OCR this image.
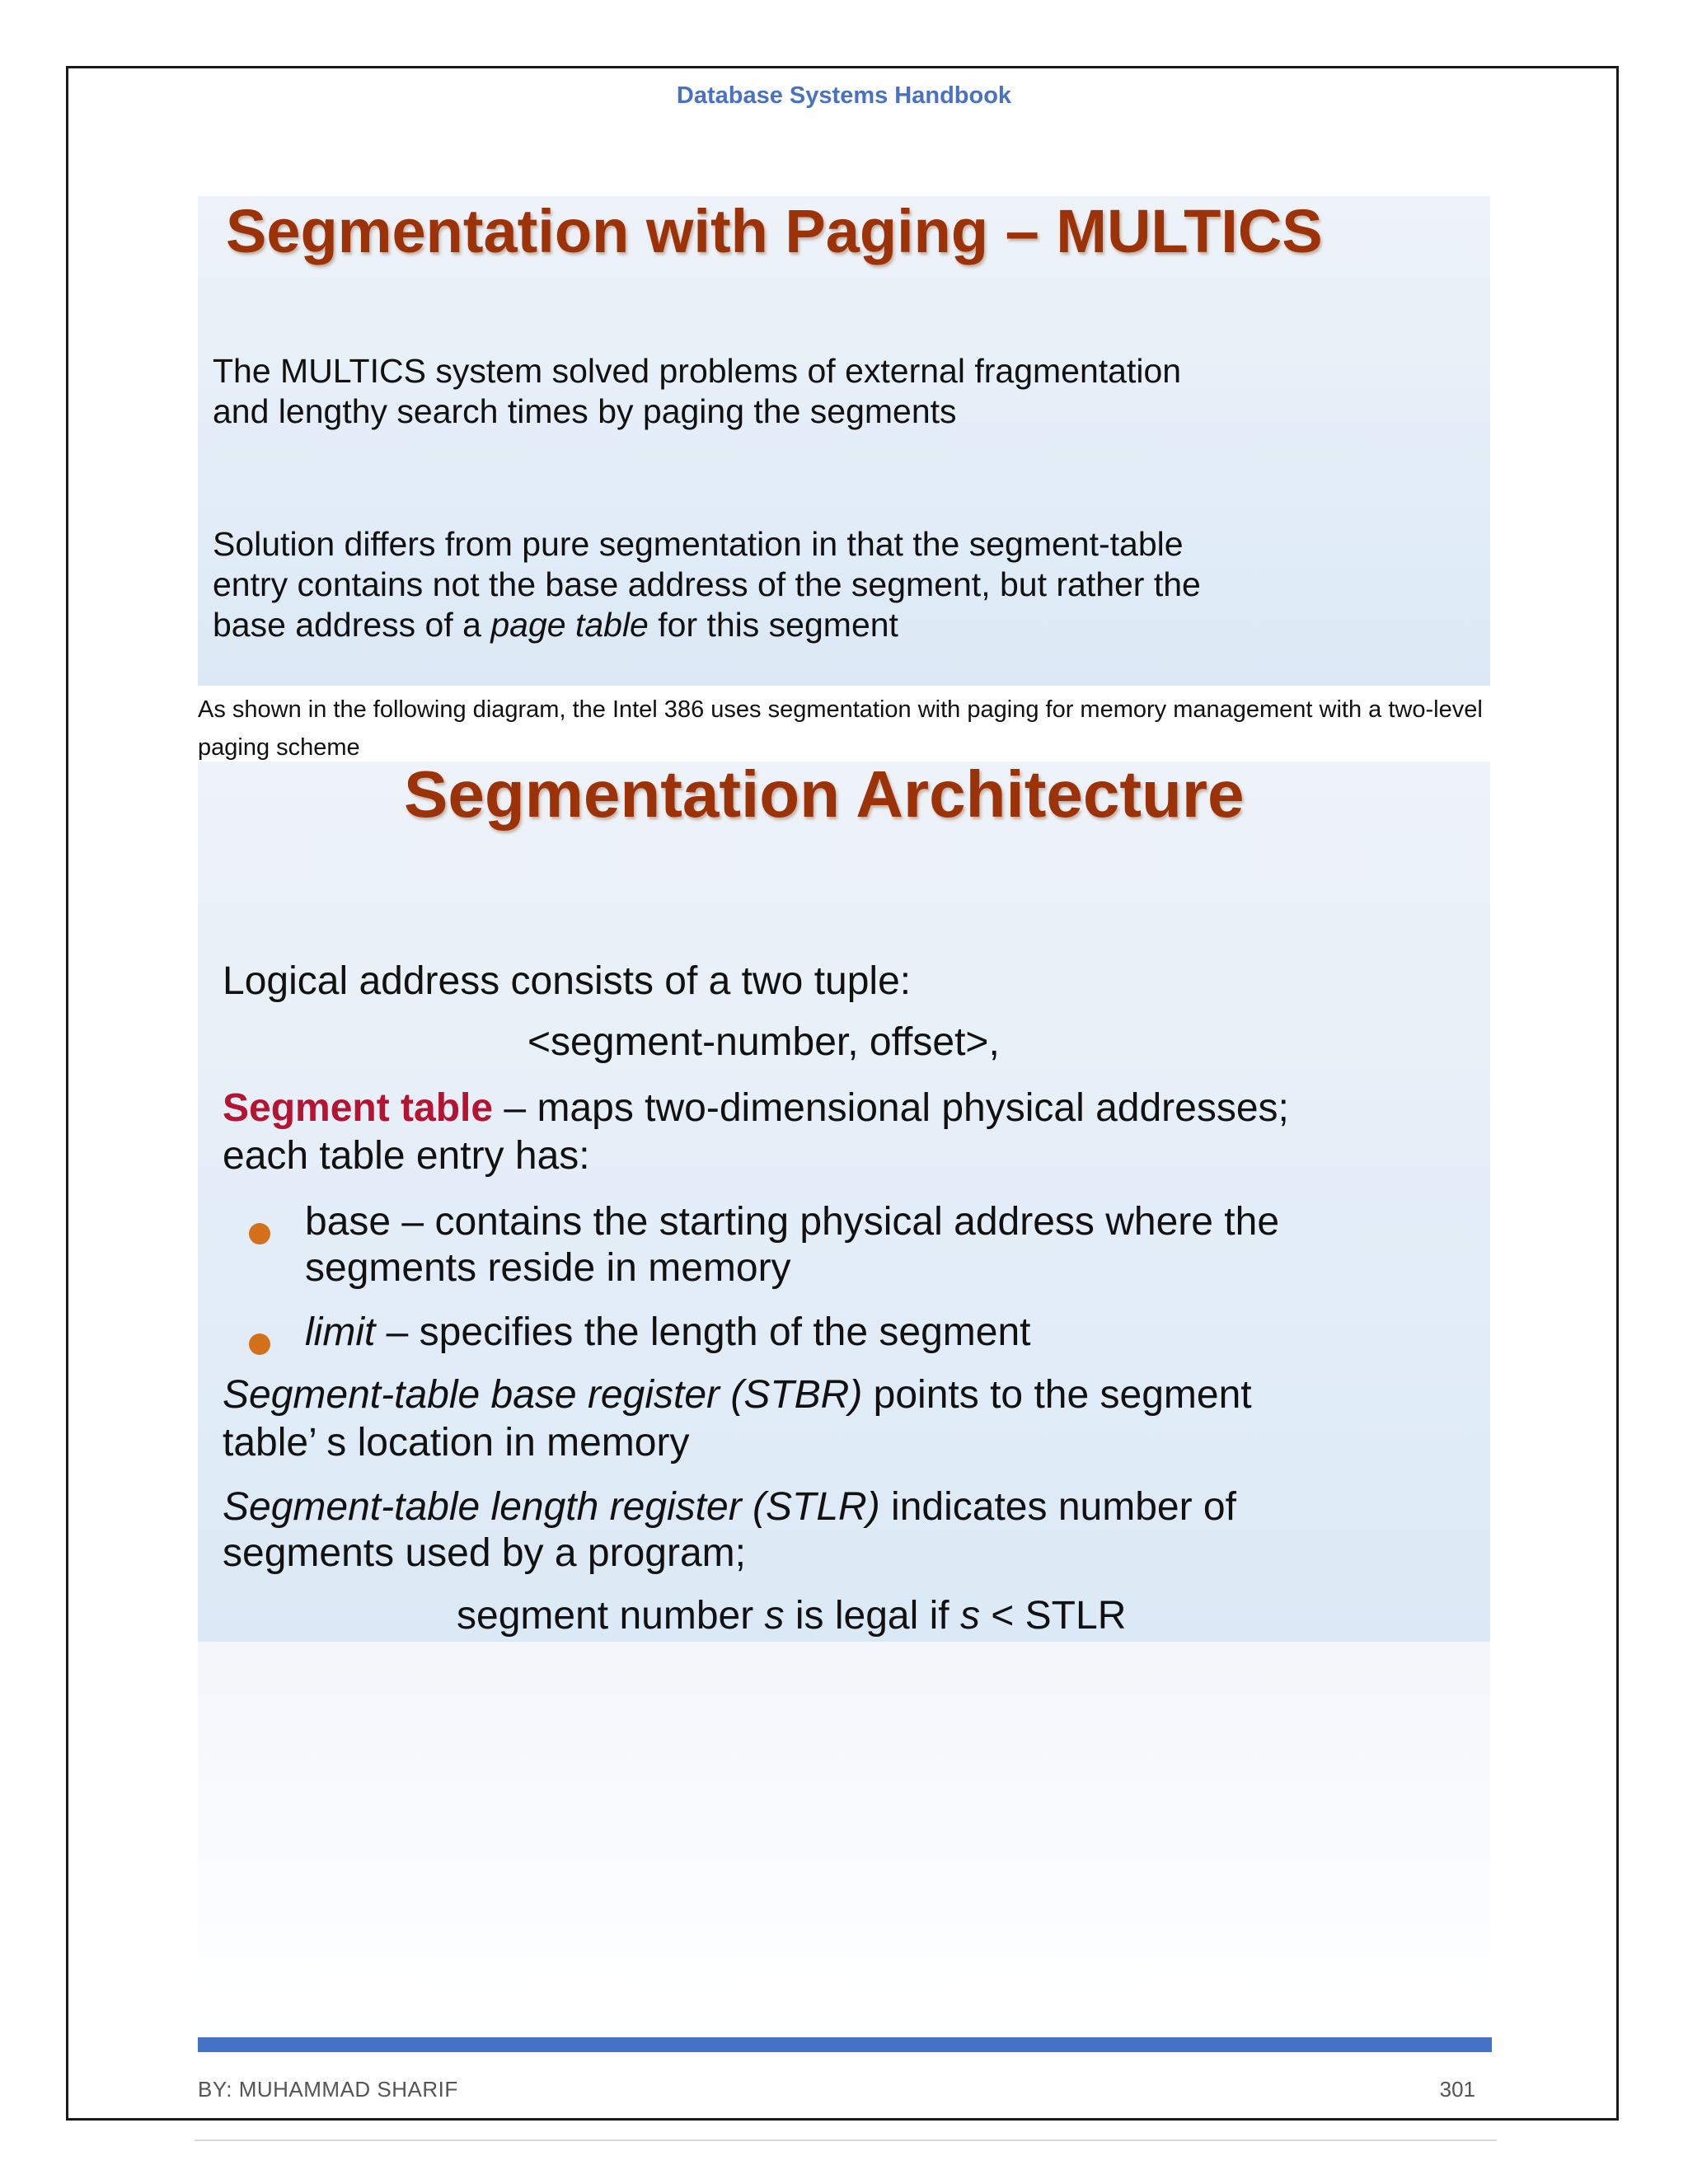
Database Systems Handbook
Segmentation with Paging – MULTICS
The MULTICS system solved problems of external fragmentation and lengthy search times by paging the segments
Solution differs from pure segmentation in that the segment-table entry contains not the base address of the segment, but rather the base address of a page table for this segment
As shown in the following diagram, the Intel 386 uses segmentation with paging for memory management with a two-level paging scheme
Segmentation Architecture
Logical address consists of a two tuple:
<segment-number, offset>,
Segment table – maps two-dimensional physical addresses;
each table entry has:
base – contains the starting physical address where the
segments reside in memory
limit – specifies the length of the segment
Segment-table base register (STBR) points to the segment
table’ s location in memory
Segment-table length register (STLR) indicates number of
segments used by a program;
segment number s is legal if s < STLR
BY: MUHAMMAD SHARIF	301
